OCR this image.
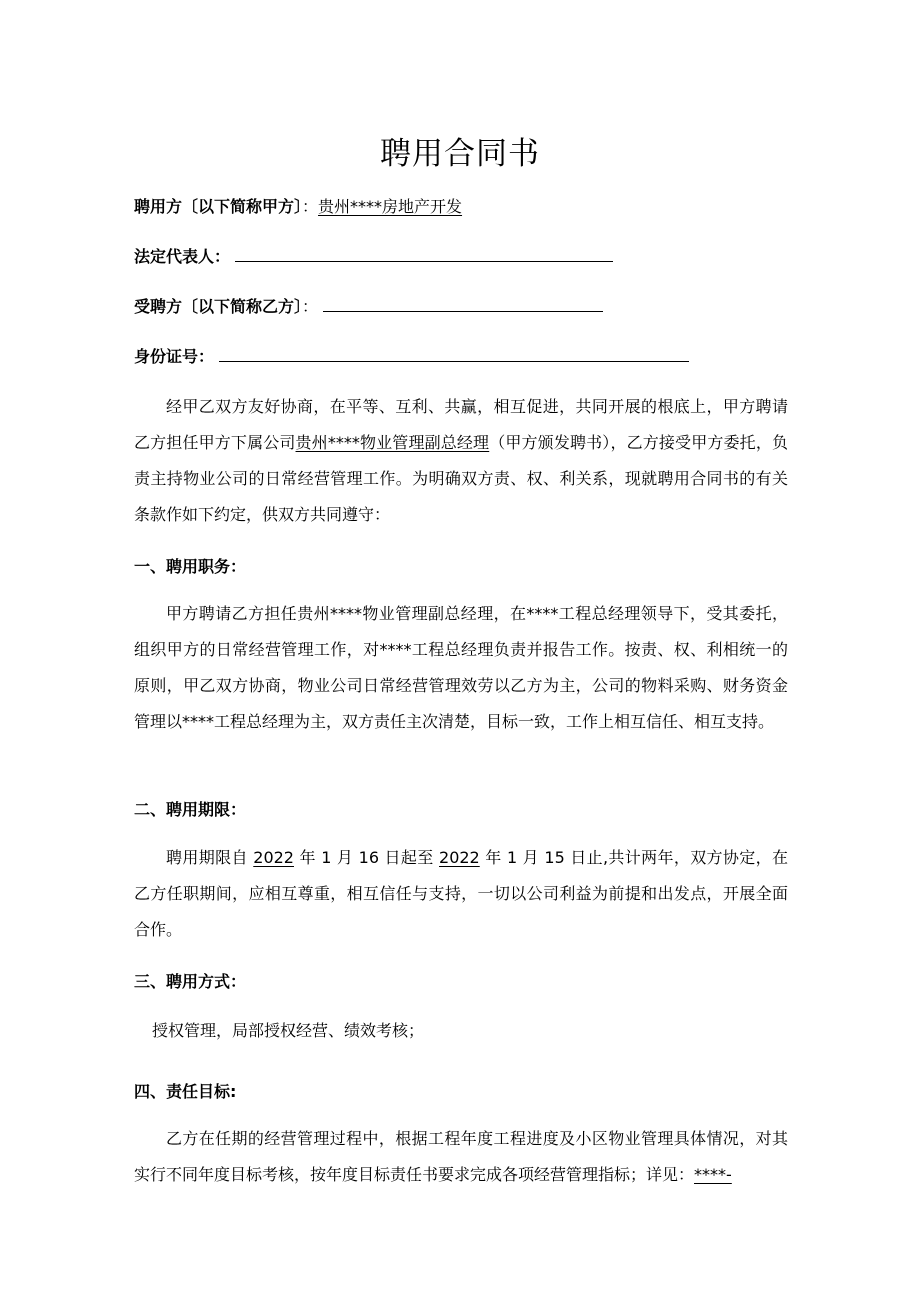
聘用合同书
聘用方〔以下简称甲方〕：贵州****房地产开发
法定代表人：
受聘方〔以下简称乙方〕：
身份证号：

经甲乙双方友好协商，在平等、互利、共赢，相互促进，共同开展的根底上，甲方聘请乙方担任甲方下属公司贵州****物业管理副总经理（甲方颁发聘书），乙方接受甲方委托，负责主持物业公司的日常经营管理工作。为明确双方责、权、利关系，现就聘用合同书的有关条款作如下约定，供双方共同遵守：

一、聘用职务：

甲方聘请乙方担任贵州****物业管理副总经理，在****工程总经理领导下，受其委托，组织甲方的日常经营管理工作，对****工程总经理负责并报告工作。按责、权、利相统一的原则，甲乙双方协商，物业公司日常经营管理效劳以乙方为主，公司的物料采购、财务资金管理以****工程总经理为主，双方责任主次清楚，目标一致，工作上相互信任、相互支持。

二、聘用期限：

聘用期限自 2022 年 1 月 16 日起至 2022 年 1 月 15 日止,共计两年，双方协定，在乙方任职期间，应相互尊重，相互信任与支持，一切以公司利益为前提和出发点，开展全面合作。

三、聘用方式：

授权管理，局部授权经营、绩效考核；

四、责任目标:

乙方在任期的经营管理过程中，根据工程年度工程进度及小区物业管理具体情况，对其实行不同年度目标考核，按年度目标责任书要求完成各项经营管理指标；详见：****-
